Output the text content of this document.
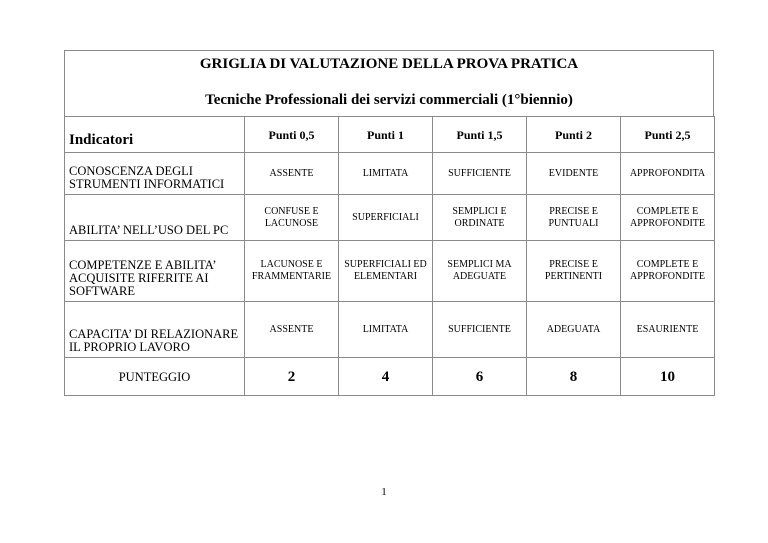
GRIGLIA DI VALUTAZIONE DELLA PROVA PRATICA
Tecniche Professionali dei servizi commerciali (1°biennio)
Indicatori	Punti 0,5	Punti 1	Punti 1,5	Punti 2	Punti 2,5
CONOSCENZA DEGLI STRUMENTI INFORMATICI	ASSENTE	LIMITATA	SUFFICIENTE	EVIDENTE	APPROFONDITA
ABILITA’ NELL’USO DEL PC	CONFUSE E LACUNOSE	SUPERFICIALI	SEMPLICI E ORDINATE	PRECISE E PUNTUALI	COMPLETE E APPROFONDITE
COMPETENZE E ABILITA’ ACQUISITE RIFERITE AI SOFTWARE	LACUNOSE E FRAMMENTARIE	SUPERFICIALI ED ELEMENTARI	SEMPLICI MA ADEGUATE	PRECISE E PERTINENTI	COMPLETE E APPROFONDITE
CAPACITA’ DI RELAZIONARE IL PROPRIO LAVORO	ASSENTE	LIMITATA	SUFFICIENTE	ADEGUATA	ESAURIENTE
PUNTEGGIO	2	4	6	8	10
1
